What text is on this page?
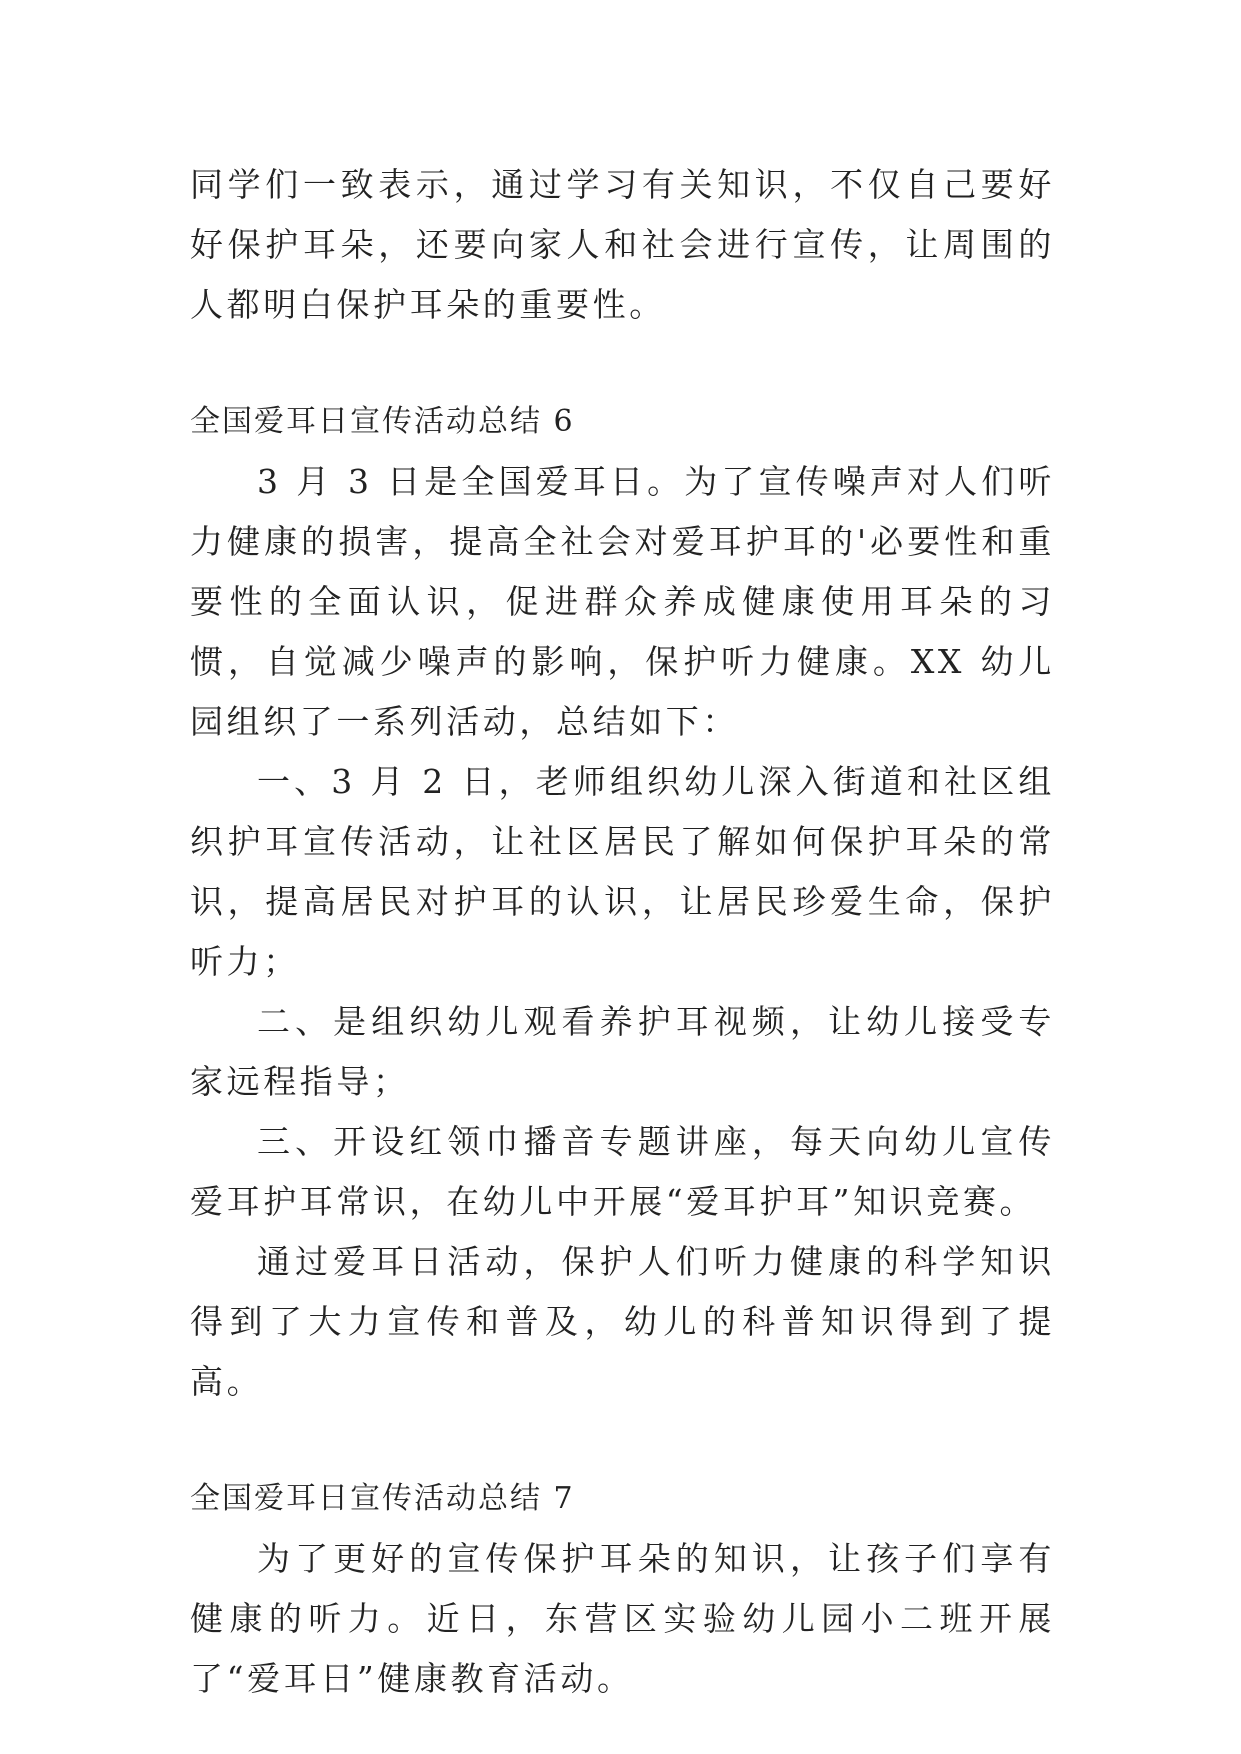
同学们一致表示，通过学习有关知识，不仅自己要好好保护耳朵，还要向家人和社会进行宣传，让周围的人都明白保护耳朵的重要性。

全国爱耳日宣传活动总结 6

3 月 3 日是全国爱耳日。为了宣传噪声对人们听力健康的损害，提高全社会对爱耳护耳的'必要性和重要性的全面认识，促进群众养成健康使用耳朵的习惯，自觉减少噪声的影响，保护听力健康。XX 幼儿园组织了一系列活动，总结如下：

一、3 月 2 日，老师组织幼儿深入街道和社区组织护耳宣传活动，让社区居民了解如何保护耳朵的常识，提高居民对护耳的认识，让居民珍爱生命，保护听力；

二、是组织幼儿观看养护耳视频，让幼儿接受专家远程指导；

三、开设红领巾播音专题讲座，每天向幼儿宣传爱耳护耳常识，在幼儿中开展“爱耳护耳”知识竞赛。

通过爱耳日活动，保护人们听力健康的科学知识得到了大力宣传和普及，幼儿的科普知识得到了提高。

全国爱耳日宣传活动总结 7

为了更好的宣传保护耳朵的知识，让孩子们享有健康的听力。近日，东营区实验幼儿园小二班开展了“爱耳日”健康教育活动。
